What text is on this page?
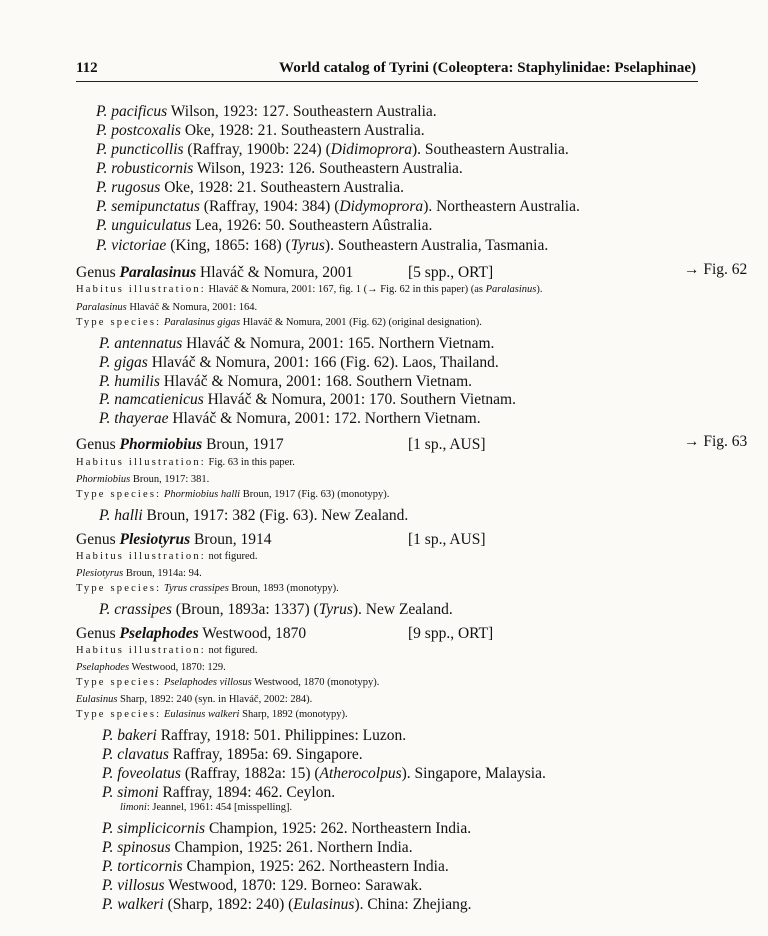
112	World catalog of Tyrini (Coleoptera: Staphylinidae: Pselaphinae)
P. pacificus Wilson, 1923: 127. Southeastern Australia.
P. postcoxalis Oke, 1928: 21. Southeastern Australia.
P. puncticollis (Raffray, 1900b: 224) (Didimoprora). Southeastern Australia.
P. robusticornis Wilson, 1923: 126. Southeastern Australia.
P. rugosus Oke, 1928: 21. Southeastern Australia.
P. semipunctatus (Raffray, 1904: 384) (Didymoprora). Northeastern Australia.
P. unguiculatus Lea, 1926: 50. Southeastern Aûstralia.
P. victoriae (King, 1865: 168) (Tyrus). Southeastern Australia, Tasmania.
Genus Paralasinus Hlaváč & Nomura, 2001	[5 spp., ORT]	→ Fig. 62
Habitus illustration: Hlaváč & Nomura, 2001: 167, fig. 1 (→ Fig. 62 in this paper) (as Paralasinus).
Paralasinus Hlaváč & Nomura, 2001: 164.
Type species: Paralasinus gigas Hlaváč & Nomura, 2001 (Fig. 62) (original designation).
P. antennatus Hlaváč & Nomura, 2001: 165. Northern Vietnam.
P. gigas Hlaváč & Nomura, 2001: 166 (Fig. 62). Laos, Thailand.
P. humilis Hlaváč & Nomura, 2001: 168. Southern Vietnam.
P. namcatienicus Hlaváč & Nomura, 2001: 170. Southern Vietnam.
P. thayerae Hlaváč & Nomura, 2001: 172. Northern Vietnam.
Genus Phormiobius Broun, 1917	[1 sp., AUS]	→ Fig. 63
Habitus illustration: Fig. 63 in this paper.
Phormiobius Broun, 1917: 381.
Type species: Phormiobius halli Broun, 1917 (Fig. 63) (monotypy).
P. halli Broun, 1917: 382 (Fig. 63). New Zealand.
Genus Plesiotyrus Broun, 1914	[1 sp., AUS]
Habitus illustration: not figured.
Plesiotyrus Broun, 1914a: 94.
Type species: Tyrus crassipes Broun, 1893 (monotypy).
P. crassipes (Broun, 1893a: 1337) (Tyrus). New Zealand.
Genus Pselaphodes Westwood, 1870	[9 spp., ORT]
Habitus illustration: not figured.
Pselaphodes Westwood, 1870: 129.
Type species: Pselaphodes villosus Westwood, 1870 (monotypy).
Eulasinus Sharp, 1892: 240 (syn. in Hlaváč, 2002: 284).
Type species: Eulasinus walkeri Sharp, 1892 (monotypy).
P. bakeri Raffray, 1918: 501. Philippines: Luzon.
P. clavatus Raffray, 1895a: 69. Singapore.
P. foveolatus (Raffray, 1882a: 15) (Atherocolpus). Singapore, Malaysia.
P. simoni Raffray, 1894: 462. Ceylon.
limoni: Jeannel, 1961: 454 [misspelling].
P. simplicicornis Champion, 1925: 262. Northeastern India.
P. spinosus Champion, 1925: 261. Northern India.
P. torticornis Champion, 1925: 262. Northeastern India.
P. villosus Westwood, 1870: 129. Borneo: Sarawak.
P. walkeri (Sharp, 1892: 240) (Eulasinus). China: Zhejiang.
